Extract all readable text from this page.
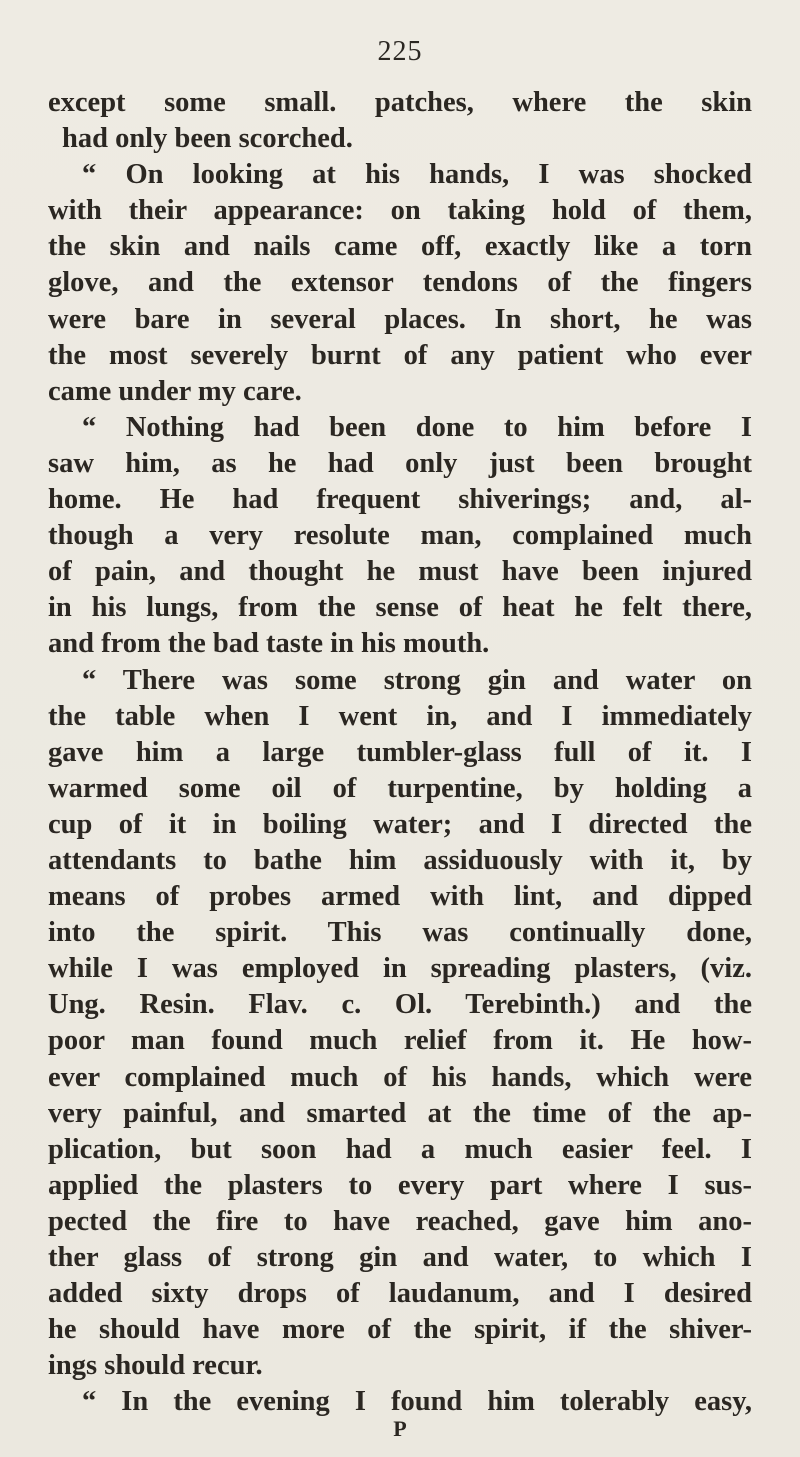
225
except some small. patches, where the skin
had only been scorched.
“ On looking at his hands, I was shocked
with their appearance: on taking hold of them,
the skin and nails came off, exactly like a torn
glove, and the extensor tendons of the fingers
were bare in several places. In short, he was
the most severely burnt of any patient who ever
came under my care.
“ Nothing had been done to him before I
saw him, as he had only just been brought
home. He had frequent shiverings; and, al-
though a very resolute man, complained much
of pain, and thought he must have been injured
in his lungs, from the sense of heat he felt there,
and from the bad taste in his mouth.
“ There was some strong gin and water on
the table when I went in, and I immediately
gave him a large tumbler-glass full of it. I
warmed some oil of turpentine, by holding a
cup of it in boiling water; and I directed the
attendants to bathe him assiduously with it, by
means of probes armed with lint, and dipped
into the spirit. This was continually done,
while I was employed in spreading plasters, (viz.
Ung. Resin. Flav. c. Ol. Terebinth.) and the
poor man found much relief from it. He how-
ever complained much of his hands, which were
very painful, and smarted at the time of the ap-
plication, but soon had a much easier feel. I
applied the plasters to every part where I sus-
pected the fire to have reached, gave him ano-
ther glass of strong gin and water, to which I
added sixty drops of laudanum, and I desired
he should have more of the spirit, if the shiver-
ings should recur.
“ In the evening I found him tolerably easy,
P
